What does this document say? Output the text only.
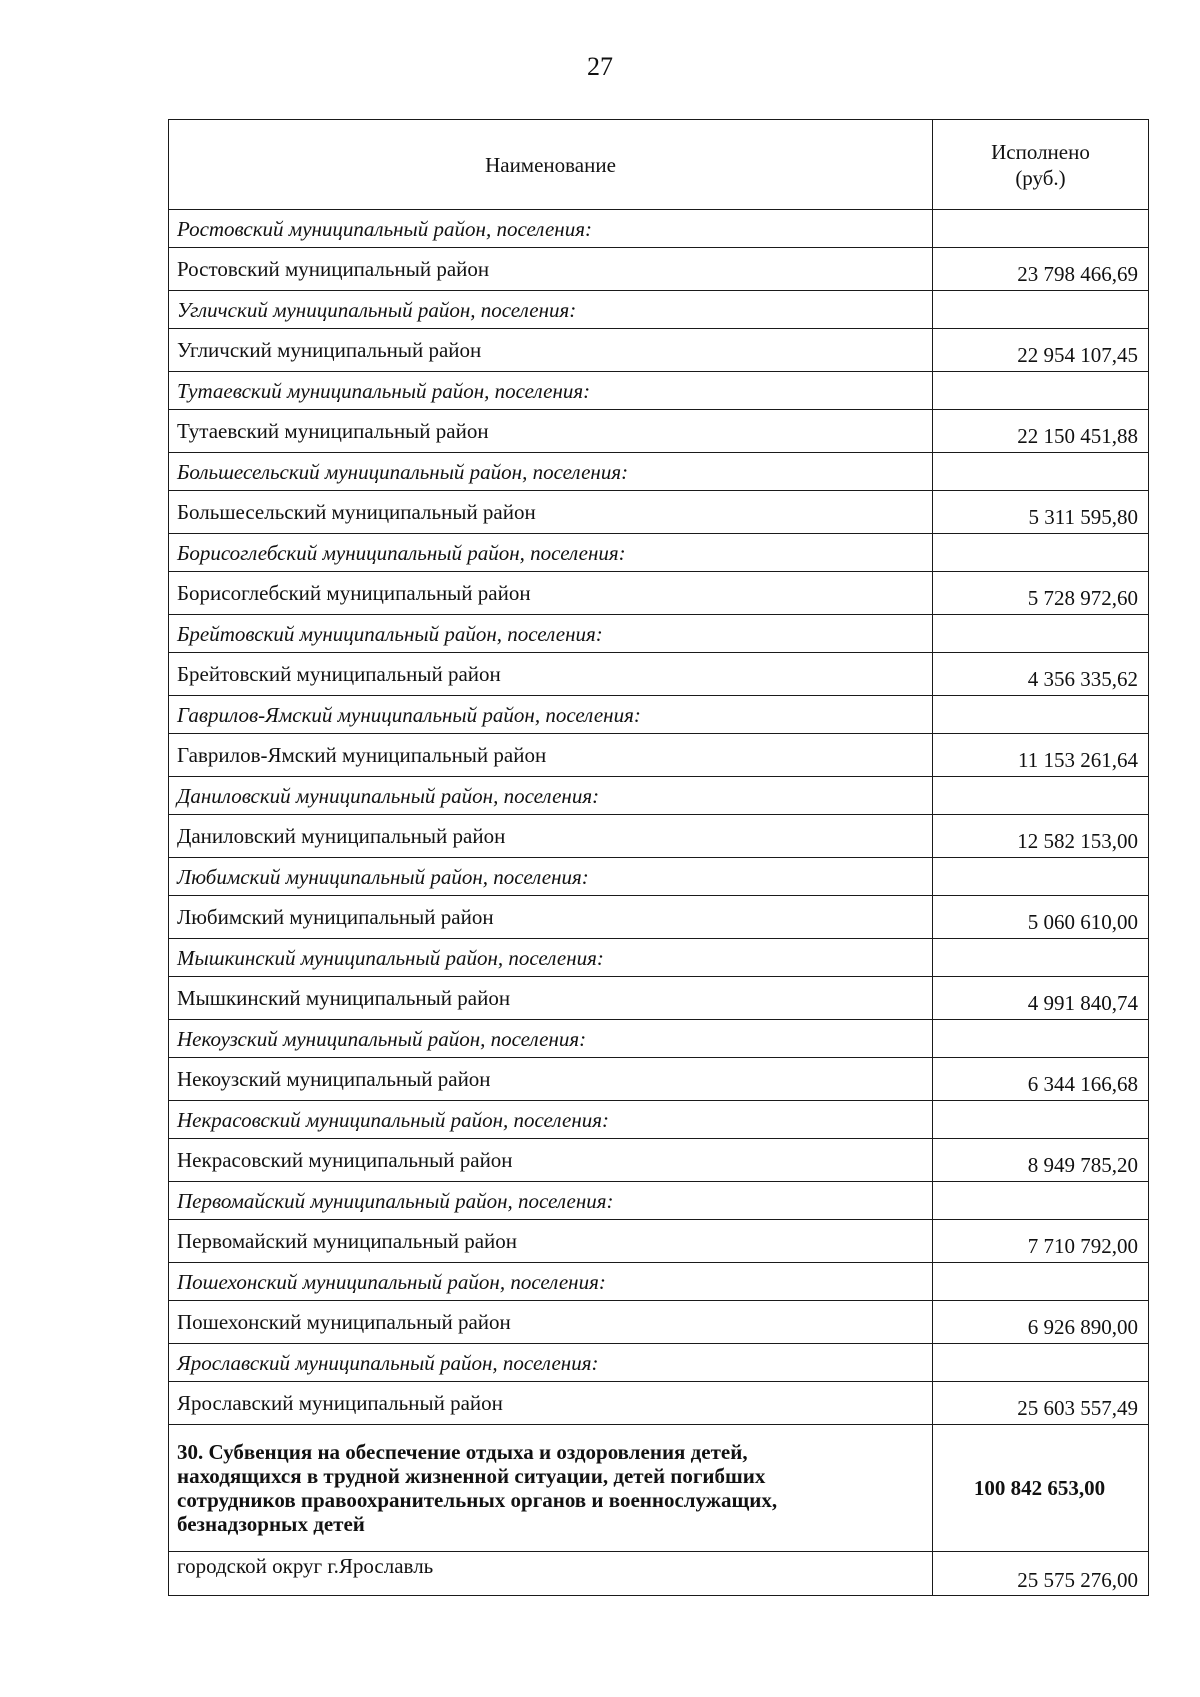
27
Наименование	Исполнено
(руб.)

Ростовский муниципальный район, поселения:	
Ростовский муниципальный район	23 798 466,69
Угличский муниципальный район, поселения:	
Угличский муниципальный район	22 954 107,45
Тутаевский муниципальный район, поселения:	
Тутаевский муниципальный район	22 150 451,88
Большесельский муниципальный район, поселения:	
Большесельский муниципальный район	5 311 595,80
Борисоглебский муниципальный район, поселения:	
Борисоглебский муниципальный район	5 728 972,60
Брейтовский муниципальный район, поселения:	
Брейтовский муниципальный район	4 356 335,62
Гаврилов-Ямский муниципальный район, поселения:	
Гаврилов-Ямский муниципальный район	11 153 261,64
Даниловский муниципальный район, поселения:	
Даниловский муниципальный район	12 582 153,00
Любимский муниципальный район, поселения:	
Любимский муниципальный район	5 060 610,00
Мышкинский муниципальный район, поселения:	
Мышкинский муниципальный район	4 991 840,74
Некоузский муниципальный район, поселения:	
Некоузский муниципальный район	6 344 166,68
Некрасовский муниципальный район, поселения:	
Некрасовский муниципальный район	8 949 785,20
Первомайский муниципальный район, поселения:	
Первомайский муниципальный район	7 710 792,00
Пошехонский муниципальный район, поселения:	
Пошехонский муниципальный район	6 926 890,00
Ярославский муниципальный район, поселения:	
Ярославский муниципальный район	25 603 557,49

30. Субвенция на обеспечение отдыха и оздоровления детей,
находящихся в трудной жизненной ситуации, детей погибших
сотрудников правоохранительных органов и военнослужащих,
безнадзорных детей	100 842 653,00
городской округ г.Ярославль	25 575 276,00
